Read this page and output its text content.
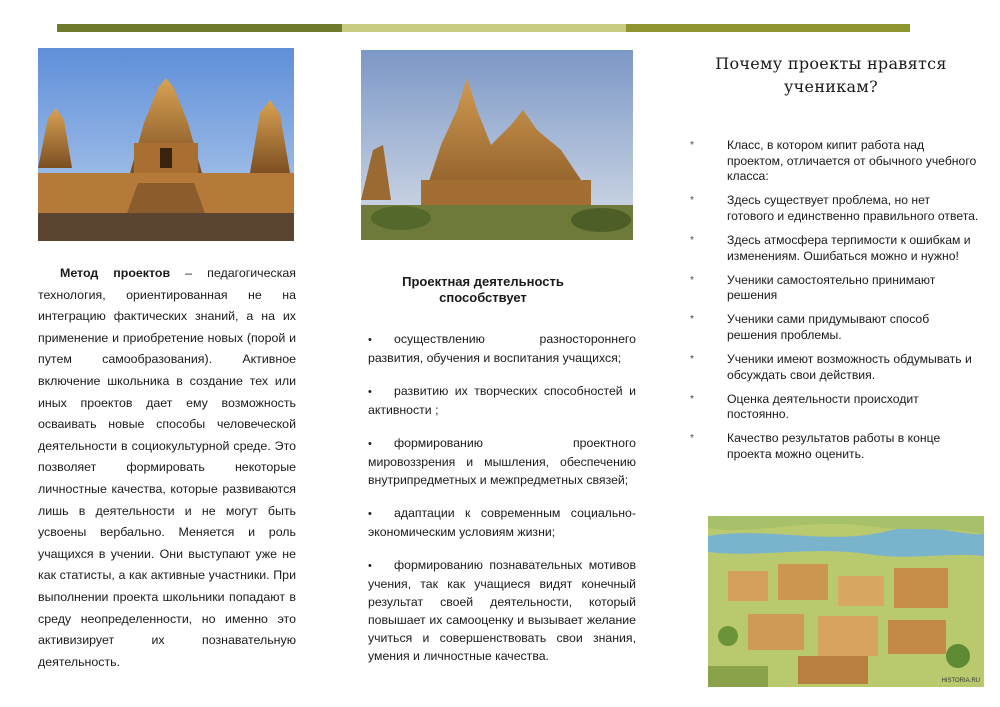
HISTORIA.RU

Метод проектов – педагогическая технология, ориентированная не на интеграцию фактических знаний, а на их применение и приобретение новых (порой и путем самообразования). Активное включение школьника в создание тех или иных проектов дает ему возможность осваивать новые способы человеческой деятельности в социокультурной среде. Это позволяет формировать некоторые личностные качества, которые развиваются лишь в деятельности и не могут быть усвоены вербально. Меняется и роль учащихся в учении. Они выступают уже не как статисты, а как активные участники. При выполнении проекта школьники попадают в среду неопределенности, но именно это активизирует их познавательную деятельность.

Проектная деятельность способствует
• осуществлению разностороннего развития, обучения и воспитания учащихся;
• развитию их творческих способностей и активности ;
• формированию проектного мировоззрения и мышления, обеспечению внутрипредметных и межпредметных связей;
• адаптации к современным социально-экономическим условиям жизни;
• формированию познавательных мотивов учения, так как учащиеся видят конечный результат своей деятельности, который повышает их самооценку и вызывает желание учиться и совершенствовать свои знания, умения и личностные качества.
Почему проекты нравятся
ученикам?
*	Класс, в котором кипит работа над проектом, отличается от обычного учебного класса:
*	Здесь существует проблема, но нет готового и единственно правильного ответа.
*	Здесь атмосфера терпимости к ошибкам и изменениям. Ошибаться можно и нужно!
*	Ученики самостоятельно принимают решения
*	Ученики сами придумывают способ решения проблемы.
*	Ученики имеют возможность обдумывать и обсуждать свои действия.
*	Оценка деятельности происходит постоянно.
*	Качество результатов работы в конце проекта можно оценить.
